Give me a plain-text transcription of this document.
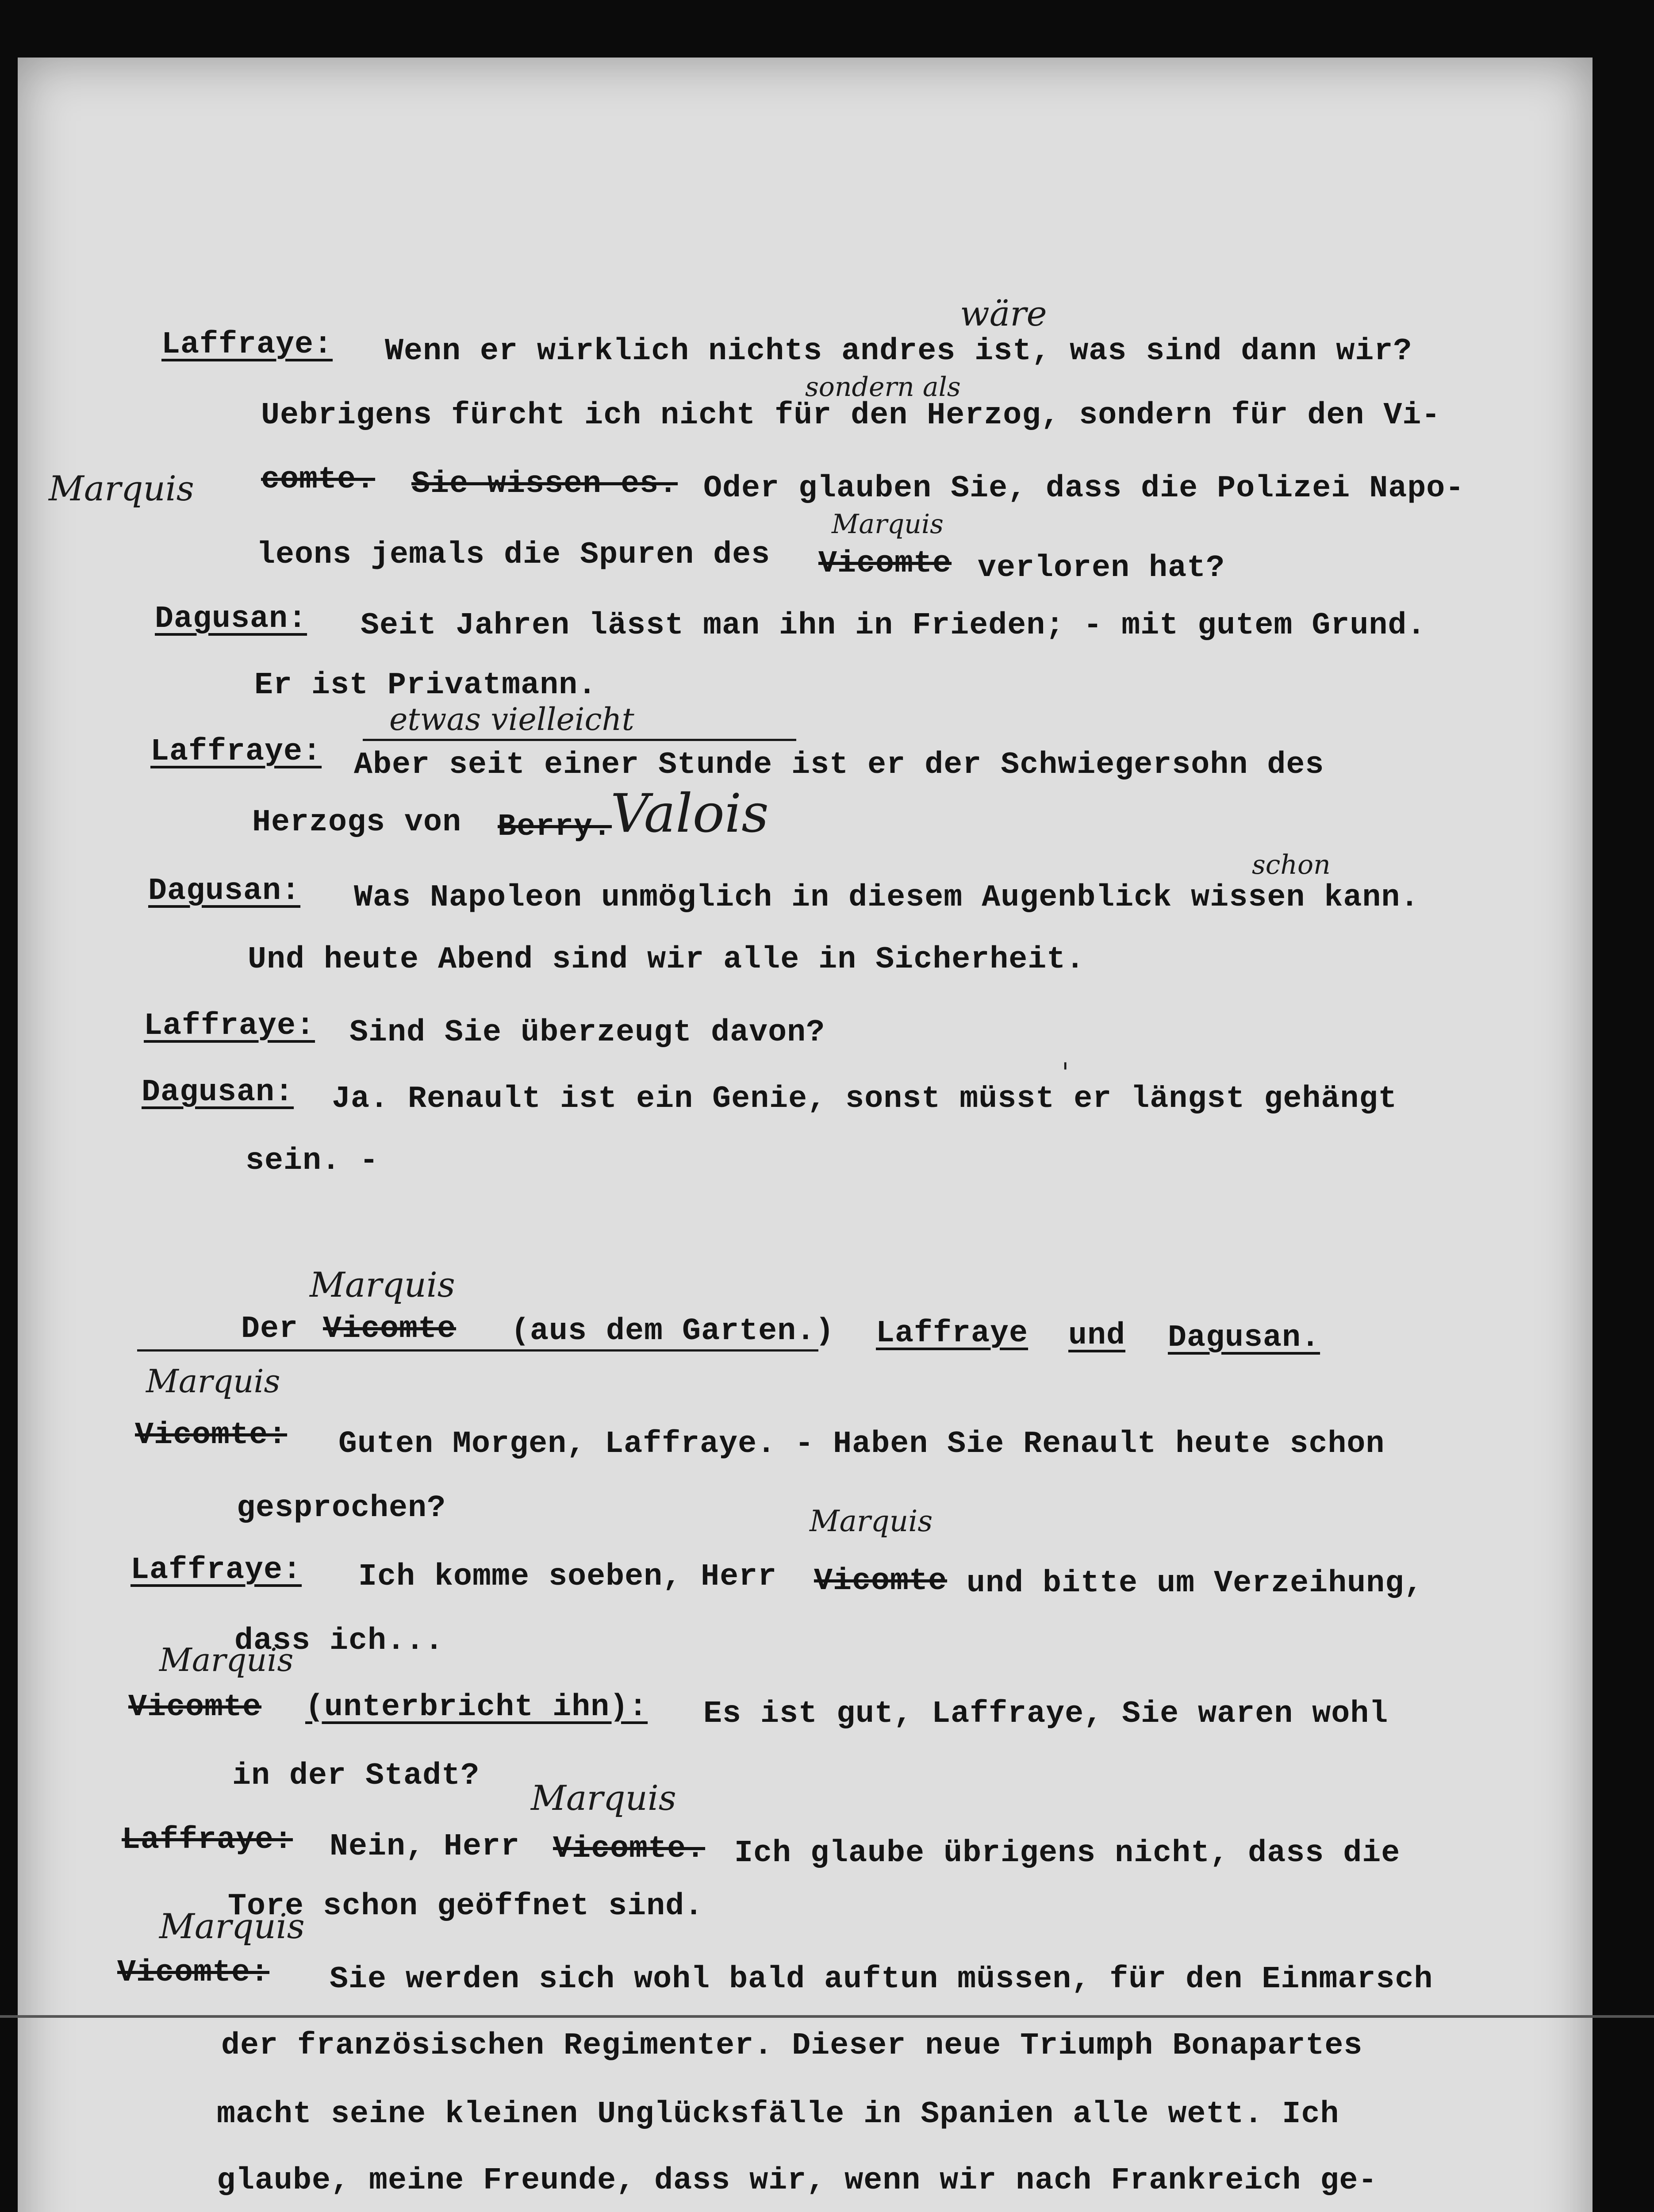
Laffraye: Wenn er wirklich nichts andres ist, was sind dann wir?
wäre
sondern als
Uebrigens fürcht ich nicht für den Herzog, sondern für den Vi-
Marquis comte. Sie wissen es. Oder glauben Sie, dass die Polizei Napo-
Marquis
leons jemals die Spuren des Vicomte verloren hat?
Dagusan: Seit Jahren lässt man ihn in Frieden; - mit gutem Grund.
Er ist Privatmann.
etwas vielleicht
Laffraye: Aber seit einer Stunde ist er der Schwiegersohn des
Herzogs von Berry.
Valois
Dagusan: Was Napoleon unmöglich in diesem Augenblick wissen kann.
schon
Und heute Abend sind wir alle in Sicherheit.
Laffraye: Sind Sie überzeugt davon?
Dagusan: Ja. Renault ist ein Genie, sonst müsst er längst gehängt
'
sein. -
Marquis
Der Vicomte (aus dem Garten.) Laffraye und Dagusan.
Marquis
Vicomte: Guten Morgen, Laffraye. - Haben Sie Renault heute schon
gesprochen?	Marquis
Laffraye: Ich komme soeben, Herr Vicomte und bitte um Verzeihung,
dass ich...
Marquis
Vicomte (unterbricht ihn): Es ist gut, Laffraye, Sie waren wohl
in der Stadt?
Marquis
Laffraye: Nein, Herr Vicomte. Ich glaube übrigens nicht, dass die
Tore schon geöffnet sind.
Marquis
Vicomte: Sie werden sich wohl bald auftun müssen, für den Einmarsch
der französischen Regimenter. Dieser neue Triumph Bonapartes
macht seine kleinen Unglücksfälle in Spanien alle wett. Ich
glaube, meine Freunde, dass wir, wenn wir nach Frankreich ge-
